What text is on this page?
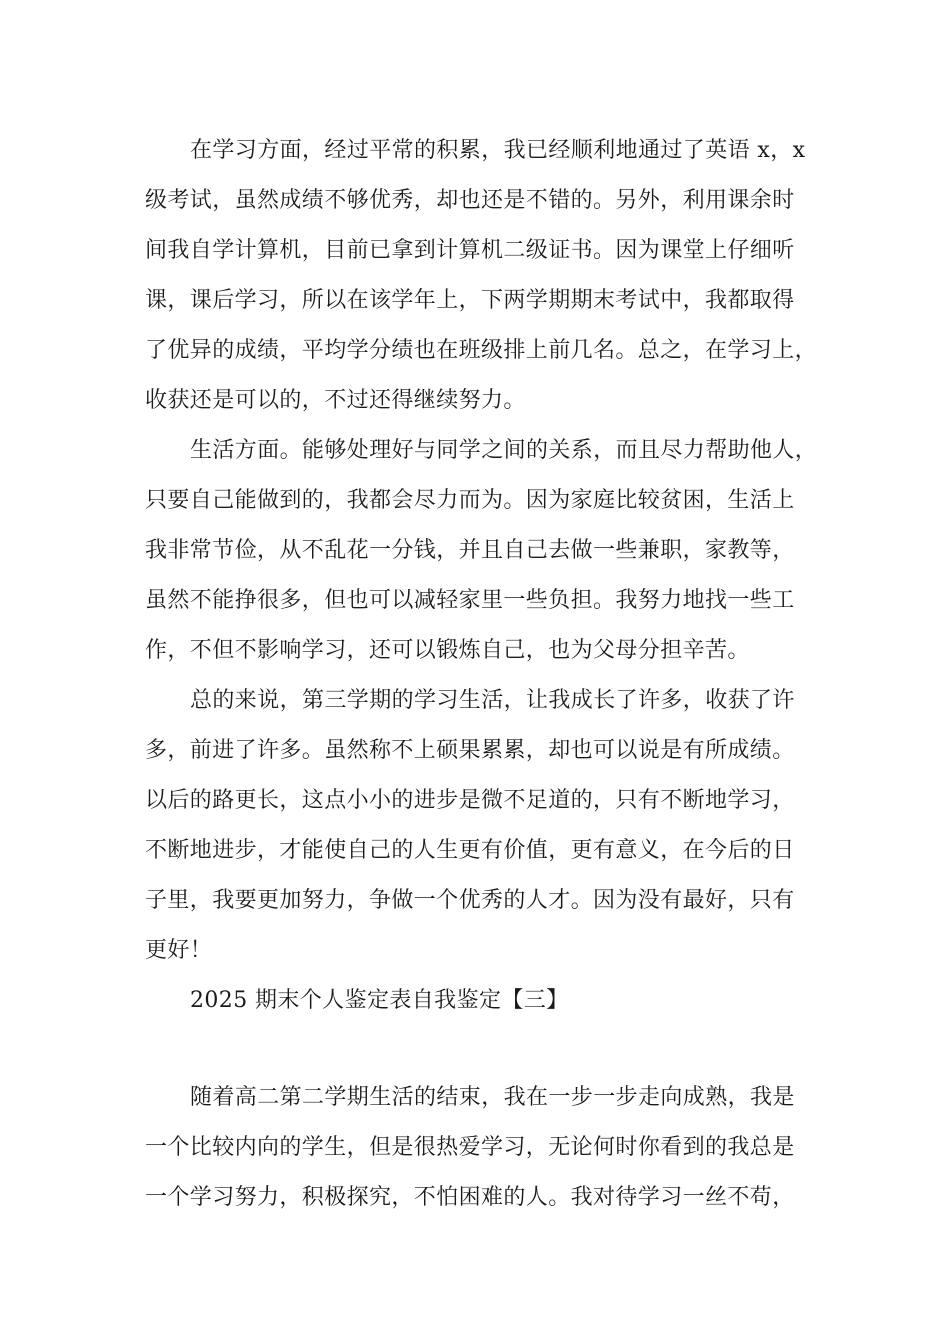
在学习方面，经过平常的积累，我已经顺利地通过了英语 x，x
级考试，虽然成绩不够优秀，却也还是不错的。另外，利用课余时
间我自学计算机，目前已拿到计算机二级证书。因为课堂上仔细听
课，课后学习，所以在该学年上，下两学期期末考试中，我都取得
了优异的成绩，平均学分绩也在班级排上前几名。总之，在学习上，
收获还是可以的，不过还得继续努力。
生活方面。能够处理好与同学之间的关系，而且尽力帮助他人，
只要自己能做到的，我都会尽力而为。因为家庭比较贫困，生活上
我非常节俭，从不乱花一分钱，并且自己去做一些兼职，家教等，
虽然不能挣很多，但也可以减轻家里一些负担。我努力地找一些工
作，不但不影响学习，还可以锻炼自己，也为父母分担辛苦。
总的来说，第三学期的学习生活，让我成长了许多，收获了许
多，前进了许多。虽然称不上硕果累累，却也可以说是有所成绩。
以后的路更长，这点小小的进步是微不足道的，只有不断地学习，
不断地进步，才能使自己的人生更有价值，更有意义，在今后的日
子里，我要更加努力，争做一个优秀的人才。因为没有最好，只有
更好！
2025 期末个人鉴定表自我鉴定【三】
随着高二第二学期生活的结束，我在一步一步走向成熟，我是
一个比较内向的学生，但是很热爱学习，无论何时你看到的我总是
一个学习努力，积极探究，不怕困难的人。我对待学习一丝不苟，
